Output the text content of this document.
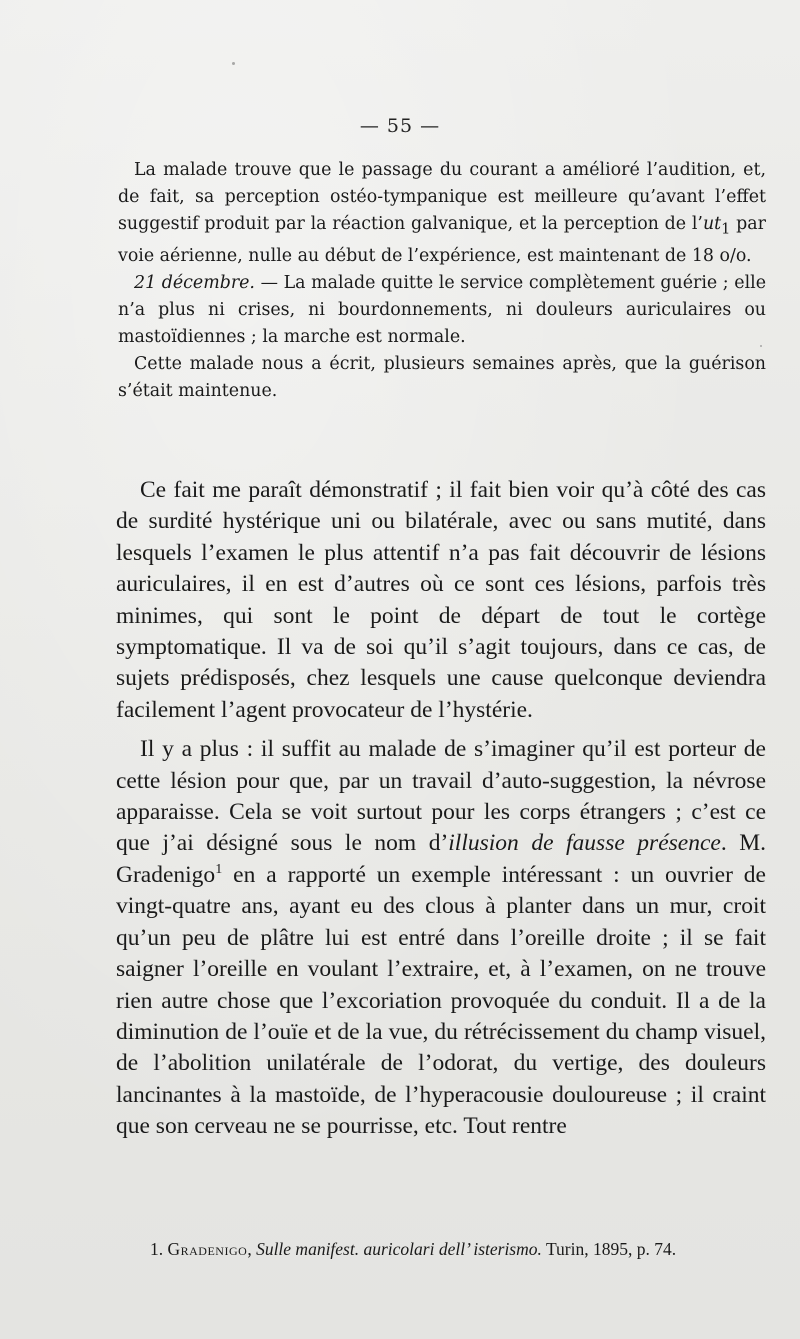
— 55 —

La malade trouve que le passage du courant a amélioré l’audition, et, de fait, sa perception ostéo-tympanique est meilleure qu’avant l’effet suggestif produit par la réaction galvanique, et la perception de $l’ut_1$ par voie aérienne, nulle au début de l’expérience, est maintenant de 18 o/o.

21 décembre. — La malade quitte le service complètement guérie ; elle n’a plus ni crises, ni bourdonnements, ni douleurs auriculaires ou mastoïdiennes ; la marche est normale.

Cette malade nous a écrit, plusieurs semaines après, que la guérison s’était maintenue.

Ce fait me paraît démonstratif ; il fait bien voir qu’à côté des cas de surdité hystérique uni ou bilatérale, avec ou sans mutité, dans lesquels l’examen le plus attentif n’a pas fait découvrir de lésions auriculaires, il en est d’autres où ce sont ces lésions, parfois très minimes, qui sont le point de départ de tout le cortège symptomatique. Il va de soi qu’il s’agit toujours, dans ce cas, de sujets prédisposés, chez lesquels une cause quelconque deviendra facilement l’agent provocateur de l’hystérie.

Il y a plus : il suffit au malade de s’imaginer qu’il est porteur de cette lésion pour que, par un travail d’auto-suggestion, la névrose apparaisse. Cela se voit surtout pour les corps étrangers ; c’est ce que j’ai désigné sous le nom d’illusion de fausse présence. M. Gradenigo$^1$ en a rapporté un exemple intéressant : un ouvrier de vingt-quatre ans, ayant eu des clous à planter dans un mur, croit qu’un peu de plâtre lui est entré dans l’oreille droite ; il se fait saigner l’oreille en voulant l’extraire, et, à l’examen, on ne trouve rien autre chose que l’excoriation provoquée du conduit. Il a de la diminution de l’ouïe et de la vue, du rétrécissement du champ visuel, de l’abolition unilatérale de l’odorat, du vertige, des douleurs lancinantes à la mastoïde, de l’hyperacousie douloureuse ; il craint que son cerveau ne se pourrisse, etc. Tout rentre

1. Gradenigo, Sulle manifest. auricolari dell’ isterismo. Turin, 1895, p. 74.
